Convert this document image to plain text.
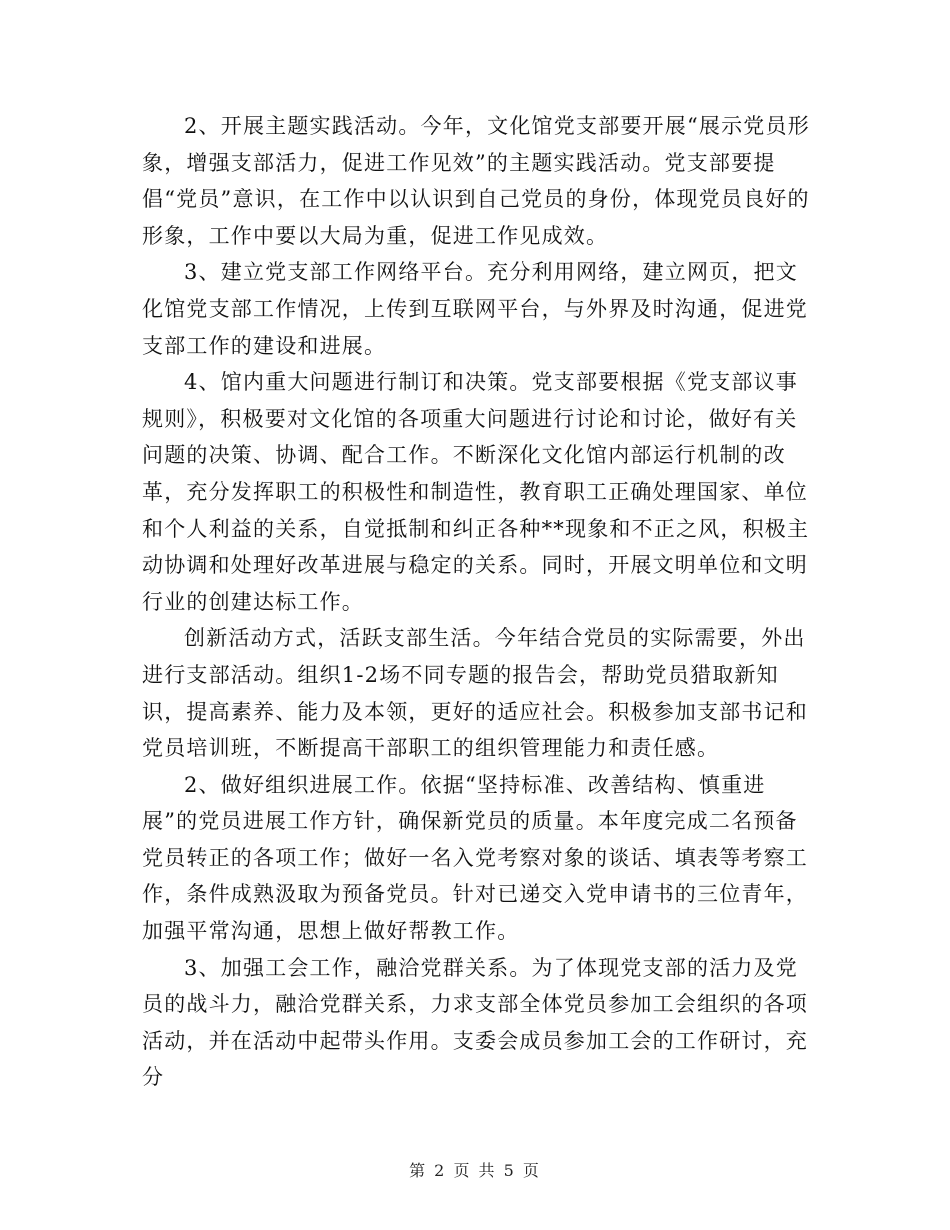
2、开展主题实践活动。今年，文化馆党支部要开展“展示党员形象，增强支部活力，促进工作见效”的主题实践活动。党支部要提倡“党员”意识，在工作中以认识到自己党员的身份，体现党员良好的形象，工作中要以大局为重，促进工作见成效。

3、建立党支部工作网络平台。充分利用网络，建立网页，把文化馆党支部工作情况，上传到互联网平台，与外界及时沟通，促进党支部工作的建设和进展。

4、馆内重大问题进行制订和决策。党支部要根据《党支部议事规则》，积极要对文化馆的各项重大问题进行讨论和讨论，做好有关问题的决策、协调、配合工作。不断深化文化馆内部运行机制的改革，充分发挥职工的积极性和制造性，教育职工正确处理国家、单位和个人利益的关系，自觉抵制和纠正各种**现象和不正之风，积极主动协调和处理好改革进展与稳定的关系。同时，开展文明单位和文明行业的创建达标工作。

创新活动方式，活跃支部生活。今年结合党员的实际需要，外出进行支部活动。组织1-2场不同专题的报告会，帮助党员猎取新知识，提高素养、能力及本领，更好的适应社会。积极参加支部书记和党员培训班，不断提高干部职工的组织管理能力和责任感。

2、做好组织进展工作。依据“坚持标准、改善结构、慎重进展”的党员进展工作方针，确保新党员的质量。本年度完成二名预备党员转正的各项工作；做好一名入党考察对象的谈话、填表等考察工作，条件成熟汲取为预备党员。针对已递交入党申请书的三位青年，加强平常沟通，思想上做好帮教工作。

3、加强工会工作，融洽党群关系。为了体现党支部的活力及党员的战斗力，融洽党群关系，力求支部全体党员参加工会组织的各项活动，并在活动中起带头作用。支委会成员参加工会的工作研讨，充分

第 2 页 共 5 页
